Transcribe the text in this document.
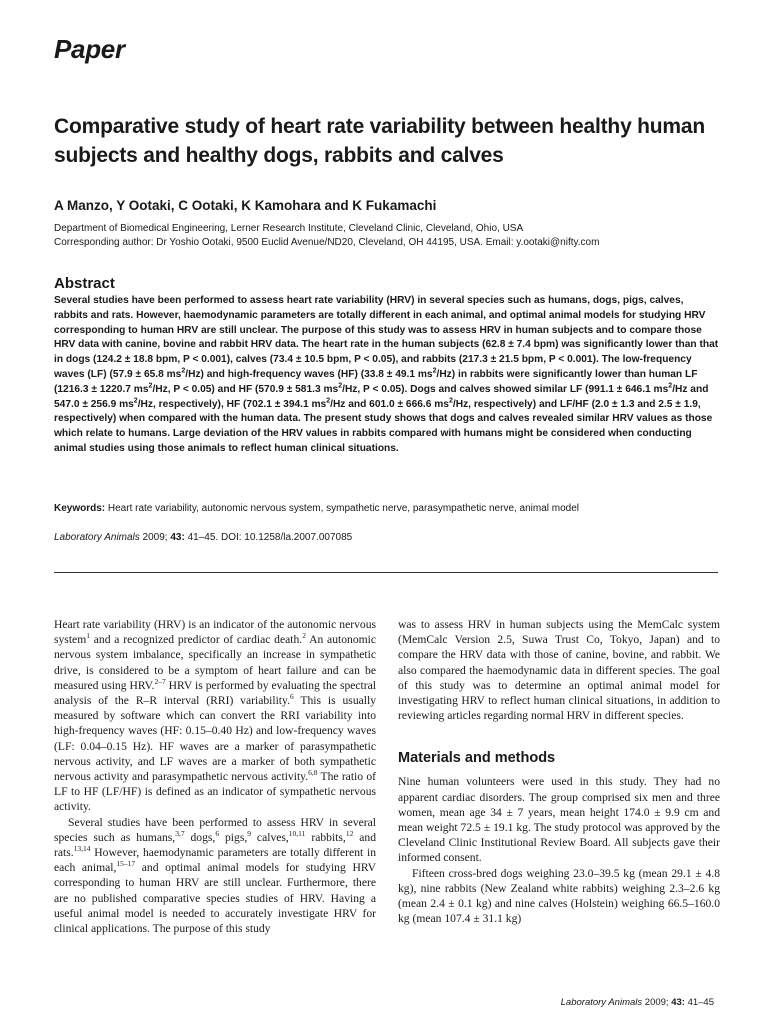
Paper
Comparative study of heart rate variability between healthy human subjects and healthy dogs, rabbits and calves
A Manzo, Y Ootaki, C Ootaki, K Kamohara and K Fukamachi
Department of Biomedical Engineering, Lerner Research Institute, Cleveland Clinic, Cleveland, Ohio, USA
Corresponding author: Dr Yoshio Ootaki, 9500 Euclid Avenue/ND20, Cleveland, OH 44195, USA. Email: y.ootaki@nifty.com
Abstract
Several studies have been performed to assess heart rate variability (HRV) in several species such as humans, dogs, pigs, calves, rabbits and rats. However, haemodynamic parameters are totally different in each animal, and optimal animal models for studying HRV corresponding to human HRV are still unclear. The purpose of this study was to assess HRV in human subjects and to compare those HRV data with canine, bovine and rabbit HRV data. The heart rate in the human subjects (62.8 ± 7.4 bpm) was significantly lower than that in dogs (124.2 ± 18.8 bpm, P < 0.001), calves (73.4 ± 10.5 bpm, P < 0.05), and rabbits (217.3 ± 21.5 bpm, P < 0.001). The low-frequency waves (LF) (57.9 ± 65.8 $ms^2/Hz$) and high-frequency waves (HF) (33.8 ± 49.1 $ms^2/Hz$) in rabbits were significantly lower than human LF (1216.3 ± 1220.7 $ms^2/Hz$, P < 0.05) and HF (570.9 ± 581.3 $ms^2/Hz$, P < 0.05). Dogs and calves showed similar LF (991.1 ± 646.1 $ms^2/Hz$ and 547.0 ± 256.9 $ms^2/Hz$, respectively), HF (702.1 ± 394.1 $ms^2/Hz$ and 601.0 ± 666.6 $ms^2/Hz$, respectively) and LF/HF (2.0 ± 1.3 and 2.5 ± 1.9, respectively) when compared with the human data. The present study shows that dogs and calves revealed similar HRV values as those which relate to humans. Large deviation of the HRV values in rabbits compared with humans might be considered when conducting animal studies using those animals to reflect human clinical situations.
Keywords: Heart rate variability, autonomic nervous system, sympathetic nerve, parasympathetic nerve, animal model
Laboratory Animals 2009; 43: 41–45. DOI: 10.1258/la.2007.007085

Heart rate variability (HRV) is an indicator of the autonomic nervous system$^1$ and a recognized predictor of cardiac death.$^2$ An autonomic nervous system imbalance, specifically an increase in sympathetic drive, is considered to be a symptom of heart failure and can be measured using HRV.$^{2-7}$ HRV is performed by evaluating the spectral analysis of the R–R interval (RRI) variability.$^6$ This is usually measured by software which can convert the RRI variability into high-frequency waves (HF: 0.15–0.40 Hz) and low-frequency waves (LF: 0.04–0.15 Hz). HF waves are a marker of parasympathetic nervous activity, and LF waves are a marker of both sympathetic nervous activity and parasympathetic nervous activity.$^{6,8}$ The ratio of LF to HF (LF/HF) is defined as an indicator of sympathetic nervous activity.

Several studies have been performed to assess HRV in several species such as humans,$^{3,7}$ dogs,$^6$ pigs,$^9$ calves,$^{10,11}$ rabbits,$^{12}$ and rats.$^{13,14}$ However, haemodynamic parameters are totally different in each animal,$^{15-17}$ and optimal animal models for studying HRV corresponding to human HRV are still unclear. Furthermore, there are no published comparative species studies of HRV. Having a useful animal model is needed to accurately investigate HRV for clinical applications. The purpose of this study

was to assess HRV in human subjects using the MemCalc system (MemCalc Version 2.5, Suwa Trust Co, Tokyo, Japan) and to compare the HRV data with those of canine, bovine, and rabbit. We also compared the haemodynamic data in different species. The goal of this study was to determine an optimal animal model for investigating HRV to reflect human clinical situations, in addition to reviewing articles regarding normal HRV in different species.

Materials and methods

Nine human volunteers were used in this study. They had no apparent cardiac disorders. The group comprised six men and three women, mean age 34 ± 7 years, mean height 174.0 ± 9.9 cm and mean weight 72.5 ± 19.1 kg. The study protocol was approved by the Cleveland Clinic Institutional Review Board. All subjects gave their informed consent.

Fifteen cross-bred dogs weighing 23.0–39.5 kg (mean 29.1 ± 4.8 kg), nine rabbits (New Zealand white rabbits) weighing 2.3–2.6 kg (mean 2.4 ± 0.1 kg) and nine calves (Holstein) weighing 66.5–160.0 kg (mean 107.4 ± 31.1 kg)

Laboratory Animals 2009; 43: 41–45
